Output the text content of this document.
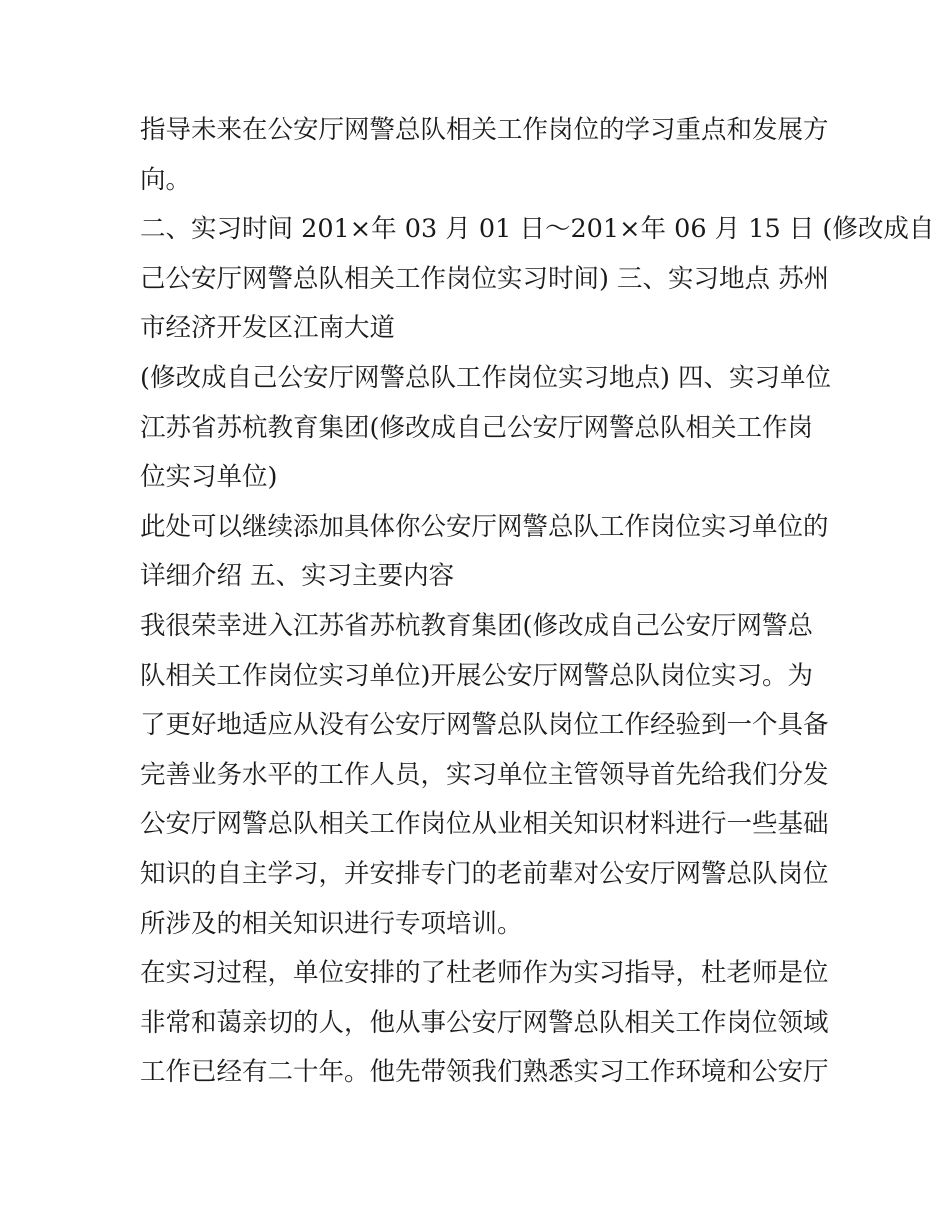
指导未来在公安厅网警总队相关工作岗位的学习重点和发展方
向。
二、实习时间 201×年 03 月 01 日～201×年 06 月 15 日 (修改成自
己公安厅网警总队相关工作岗位实习时间) 三、实习地点 苏州
市经济开发区江南大道
(修改成自己公安厅网警总队工作岗位实习地点) 四、实习单位
江苏省苏杭教育集团(修改成自己公安厅网警总队相关工作岗
位实习单位)
此处可以继续添加具体你公安厅网警总队工作岗位实习单位的
详细介绍 五、实习主要内容
我很荣幸进入江苏省苏杭教育集团(修改成自己公安厅网警总
队相关工作岗位实习单位)开展公安厅网警总队岗位实习。为
了更好地适应从没有公安厅网警总队岗位工作经验到一个具备
完善业务水平的工作人员，实习单位主管领导首先给我们分发
公安厅网警总队相关工作岗位从业相关知识材料进行一些基础
知识的自主学习，并安排专门的老前辈对公安厅网警总队岗位
所涉及的相关知识进行专项培训。
在实习过程，单位安排的了杜老师作为实习指导，杜老师是位
非常和蔼亲切的人，他从事公安厅网警总队相关工作岗位领域
工作已经有二十年。他先带领我们熟悉实习工作环境和公安厅
